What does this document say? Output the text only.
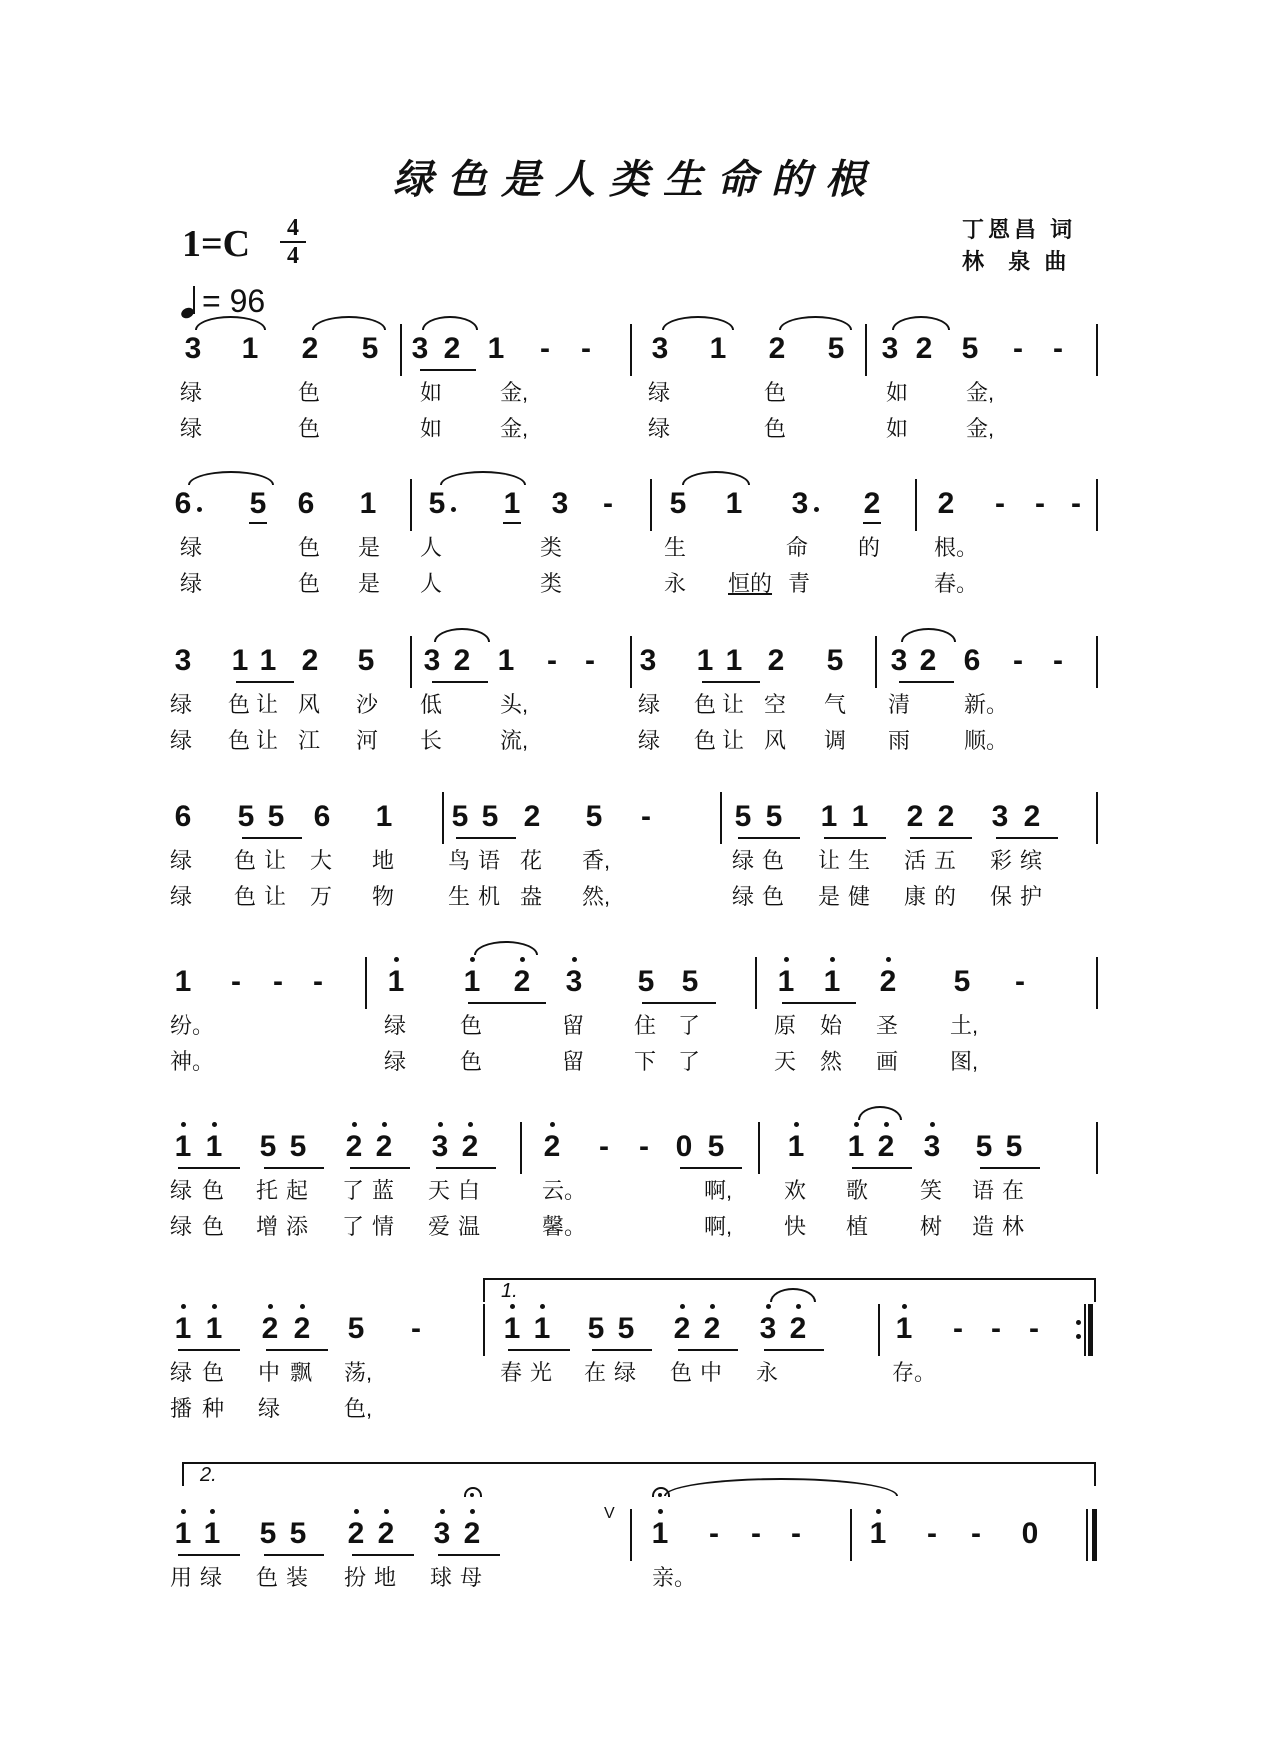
绿色是人类生命的根
1=C 4
4
= 96
丁恩昌 词
林  泉 曲
3 1 2 5 3 2 1 - - 3 1 2 5 3 2 5 - -
绿	色	如	金,	绿	色	如	金,
绿	色	如	金,	绿	色	如	金,
6 5 6 1 5 1 3 - 5 1 3 2 2 - - -
绿	色 是 人	类	生	命 的 根。
绿	色 是 人	类	永 恒的 青	春。
3 1 1 2 5 3 2 1 - - 3 1 1 2 5 3 2 6 - -
绿 色 让 风 沙 低	头,	绿 色 让 空 气 清 新。
绿 色 让 江 河 长	流,	绿 色 让 风 调 雨 顺。
6 5 5 6 1 5 5 2 5 -	5 5 1 1 2 2 3 2
绿 色 让 大 地 鸟 语 花 香,	绿 色 让 生 活 五 彩 缤
绿 色 让 万 物 生 机 盎 然,	绿 色 是 健 康 的 保 护
1 - - - 1 1 2 3 5 5	1 1 2 5 -
纷。	绿 色	留 住 了	原 始 圣 土,
神。	绿 色	留 下 了	天 然 画 图,
1 1 5 5 2 2 3 2 2 - - 0 5 1 1 2 3 5 5
绿 色 托 起 了 蓝 天 白	云。	啊, 欢 歌 笑 语 在
绿 色 增 添 了 情 爱 温	馨。	啊, 快 植 树 造 林
1 1 2 2 5 -	1 1 5 5 2 2 3 2	1 - - -
绿 色 中 飘 荡,	春 光 在 绿 色 中 永	存。
播 种 绿	色,
1 1 5 5 2 2 3 2	1 - - - 1 - - 0
用 绿 色 装 扮 地 球 母	亲。
1.
2.
V
